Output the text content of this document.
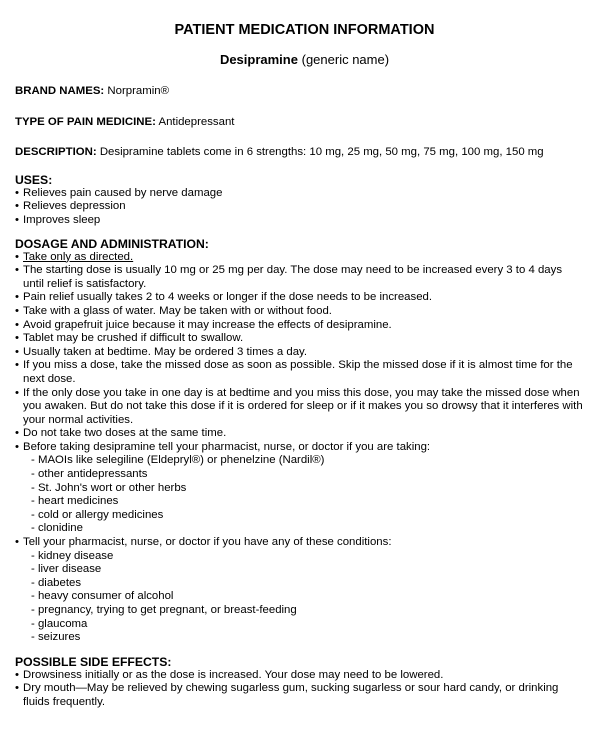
PATIENT MEDICATION INFORMATION
Desipramine (generic name)
BRAND NAMES: Norpramin®
TYPE OF PAIN MEDICINE: Antidepressant
DESCRIPTION: Desipramine tablets come in 6 strengths: 10 mg, 25 mg, 50 mg, 75 mg, 100 mg, 150 mg
USES:
• Relieves pain caused by nerve damage
• Relieves depression
• Improves sleep
DOSAGE AND ADMINISTRATION:
• Take only as directed.
• The starting dose is usually 10 mg or 25 mg per day. The dose may need to be increased every 3 to 4 days until relief is satisfactory.
• Pain relief usually takes 2 to 4 weeks or longer if the dose needs to be increased.
• Take with a glass of water. May be taken with or without food.
• Avoid grapefruit juice because it may increase the effects of desipramine.
• Tablet may be crushed if difficult to swallow.
• Usually taken at bedtime. May be ordered 3 times a day.
• If you miss a dose, take the missed dose as soon as possible. Skip the missed dose if it is almost time for the next dose.
• If the only dose you take in one day is at bedtime and you miss this dose, you may take the missed dose when you awaken. But do not take this dose if it is ordered for sleep or if it makes you so drowsy that it interferes with your normal activities.
• Do not take two doses at the same time.
• Before taking desipramine tell your pharmacist, nurse, or doctor if you are taking:
- MAOIs like selegiline (Eldepryl®) or phenelzine (Nardil®)
- other antidepressants
- St. John's wort or other herbs
- heart medicines
- cold or allergy medicines
- clonidine
• Tell your pharmacist, nurse, or doctor if you have any of these conditions:
- kidney disease
- liver disease
- diabetes
- heavy consumer of alcohol
- pregnancy, trying to get pregnant, or breast-feeding
- glaucoma
- seizures
POSSIBLE SIDE EFFECTS:
• Drowsiness initially or as the dose is increased. Your dose may need to be lowered.
• Dry mouth—May be relieved by chewing sugarless gum, sucking sugarless or sour hard candy, or drinking fluids frequently.
